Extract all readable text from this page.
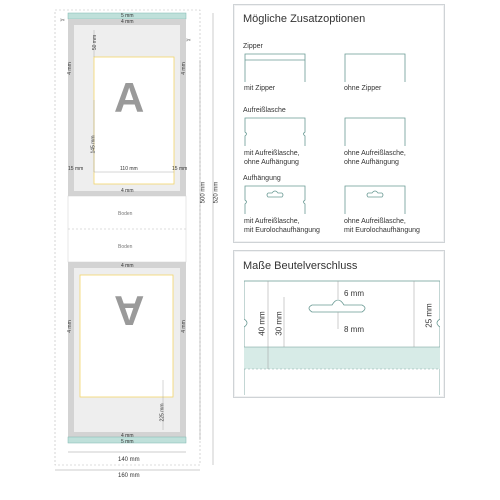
✂
✂
A
A
5 mm
4 mm
50 mm
4 mm	4 mm
145 mm
110 mm
15 mm	15 mm
4 mm
Boden
Boden
4 mm
4 mm	4 mm
225 mm
4 mm
5 mm
500 mm	520 mm
140 mm
160 mm
Mögliche Zusatzoptionen
Zipper
mit Zipper	ohne Zipper
Aufreißlasche
mit Aufreißlasche,
ohne Aufhängung
ohne Aufreißlasche,
ohne Aufhängung
Aufhängung
mit Aufreißlasche,
mit Eurolochaufhängung
ohne Aufreißlasche,
mit Eurolochaufhängung
Maße Beutelverschluss
6 mm
8 mm
40 mm 30 mm	25 mm
